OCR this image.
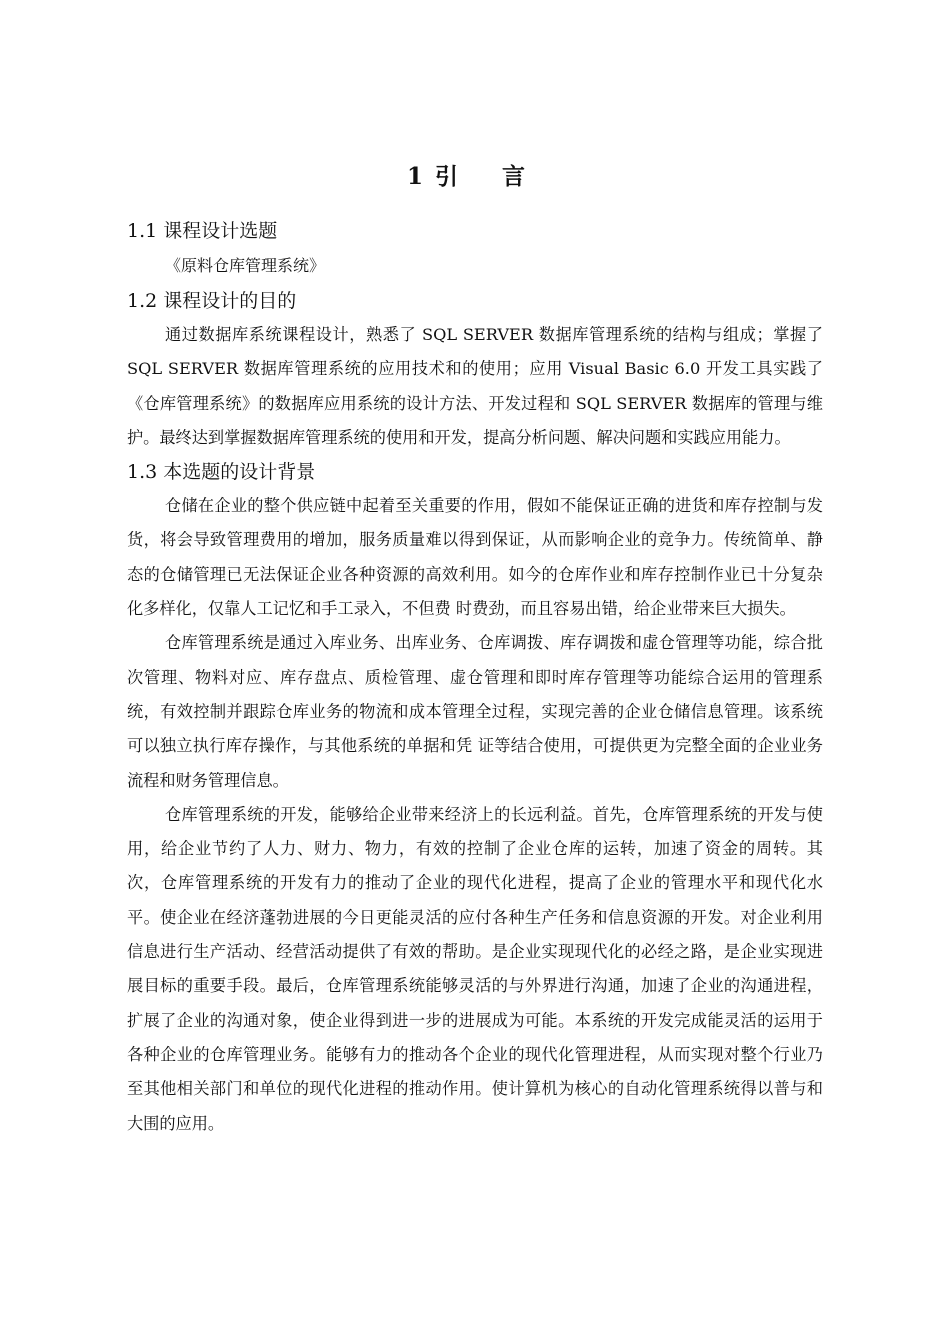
1 引 言
1.1 课程设计选题

《原料仓库管理系统》

1.2 课程设计的目的

通过数据库系统课程设计，熟悉了 SQL SERVER 数据库管理系统的结构与组成；掌握了 SQL SERVER 数据库管理系统的应用技术和的使用；应用 Visual Basic 6.0 开发工具实践了《仓库管理系统》的数据库应用系统的设计方法、开发过程和 SQL SERVER 数据库的管理与维护。最终达到掌握数据库管理系统的使用和开发，提高分析问题、解决问题和实践应用能力。

1.3 本选题的设计背景

仓储在企业的整个供应链中起着至关重要的作用，假如不能保证正确的进货和库存控制与发货，将会导致管理费用的增加，服务质量难以得到保证，从而影响企业的竞争力。传统简单、静态的仓储管理已无法保证企业各种资源的高效利用。如今的仓库作业和库存控制作业已十分复杂化多样化，仅靠人工记忆和手工录入，不但费 时费劲，而且容易出错，给企业带来巨大损失。

仓库管理系统是通过入库业务、出库业务、仓库调拨、库存调拨和虚仓管理等功能，综合批次管理、物料对应、库存盘点、质检管理、虚仓管理和即时库存管理等功能综合运用的管理系统，有效控制并跟踪仓库业务的物流和成本管理全过程，实现完善的企业仓储信息管理。该系统可以独立执行库存操作，与其他系统的单据和凭 证等结合使用，可提供更为完整全面的企业业务流程和财务管理信息。

仓库管理系统的开发，能够给企业带来经济上的长远利益。首先，仓库管理系统的开发与使用，给企业节约了人力、财力、物力，有效的控制了企业仓库的运转，加速了资金的周转。其次，仓库管理系统的开发有力的推动了企业的现代化进程，提高了企业的管理水平和现代化水平。使企业在经济蓬勃进展的今日更能灵活的应付各种生产任务和信息资源的开发。对企业利用信息进行生产活动、经营活动提供了有效的帮助。是企业实现现代化的必经之路，是企业实现进展目标的重要手段。最后，仓库管理系统能够灵活的与外界进行沟通，加速了企业的沟通进程，扩展了企业的沟通对象，使企业得到进一步的进展成为可能。本系统的开发完成能灵活的运用于各种企业的仓库管理业务。能够有力的推动各个企业的现代化管理进程，从而实现对整个行业乃至其他相关部门和单位的现代化进程的推动作用。使计算机为核心的自动化管理系统得以普与和大围的应用。
